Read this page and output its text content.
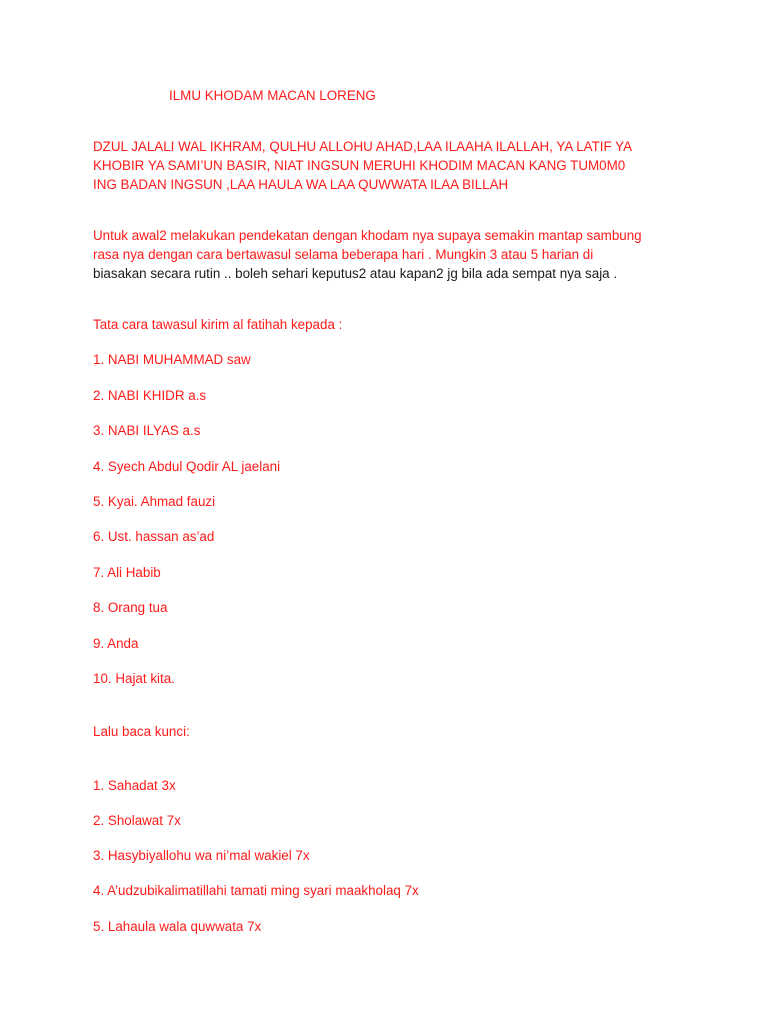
ILMU KHODAM MACAN LORENG
DZUL JALALI WAL IKHRAM, QULHU ALLOHU AHAD,LAA ILAAHA ILALLAH, YA LATIF YA
KHOBIR YA SAMI’UN BASIR, NIAT INGSUN MERUHI KHODIM MACAN KANG TUM0M0
ING BADAN INGSUN ,LAA HAULA WA LAA QUWWATA ILAA BILLAH
Untuk awal2 melakukan pendekatan dengan khodam nya supaya semakin mantap sambung
rasa nya dengan cara bertawasul selama beberapa hari . Mungkin 3 atau 5 harian di
biasakan secara rutin .. boleh sehari keputus2 atau kapan2 jg bila ada sempat nya saja .
Tata cara tawasul kirim al fatihah kepada :
1. NABI MUHAMMAD saw
2. NABI KHIDR a.s
3. NABI ILYAS a.s
4. Syech Abdul Qodir AL jaelani
5. Kyai. Ahmad fauzi
6. Ust. hassan as’ad
7. Ali Habib
8. Orang tua
9. Anda
10. Hajat kita.
Lalu baca kunci:
1. Sahadat 3x
2. Sholawat 7x
3. Hasybiyallohu wa ni’mal wakiel 7x
4. A’udzubikalimatillahi tamati ming syari maakholaq 7x
5. Lahaula wala quwwata 7x
